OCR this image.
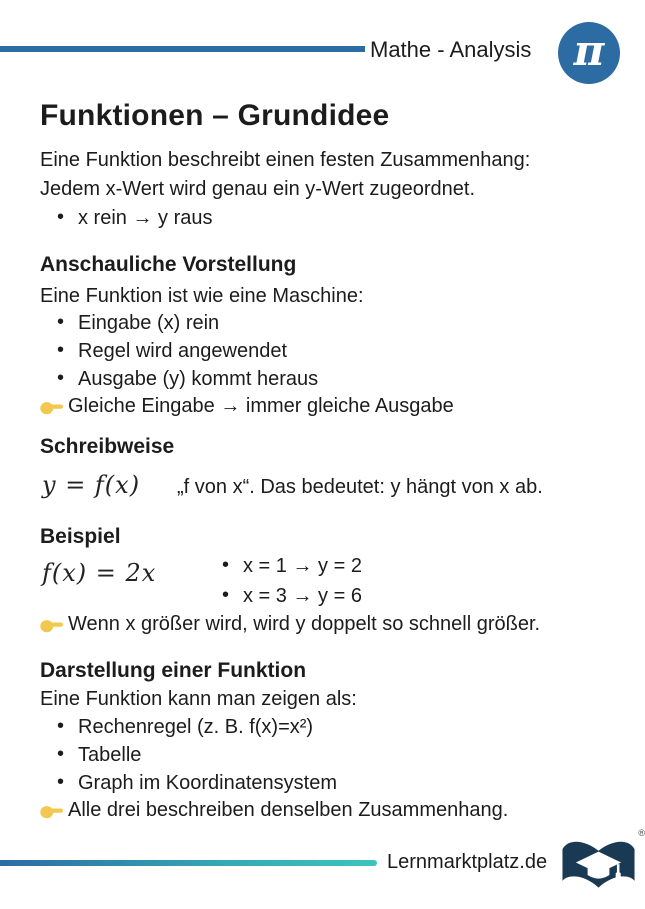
Mathe - Analysis π
Funktionen – Grundidee
Eine Funktion beschreibt einen festen Zusammenhang:
Jedem x-Wert wird genau ein y-Wert zugeordnet.
• x rein → y raus
Anschauliche Vorstellung
Eine Funktion ist wie eine Maschine:
• Eingabe (x) rein
• Regel wird angewendet
• Ausgabe (y) kommt heraus
Gleiche Eingabe → immer gleiche Ausgabe
Schreibweise
y = f(x) „f von x“. Das bedeutet: y hängt von x ab.
Beispiel
f(x) = 2x	• x = 1 → y = 2
• x = 3 → y = 6
Wenn x größer wird, wird y doppelt so schnell größer.
Darstellung einer Funktion
Eine Funktion kann man zeigen als:
• Rechenregel (z. B. f(x)=x²)
• Tabelle
• Graph im Koordinatensystem
Alle drei beschreiben denselben Zusammenhang.
Lernmarktplatz.de
®
